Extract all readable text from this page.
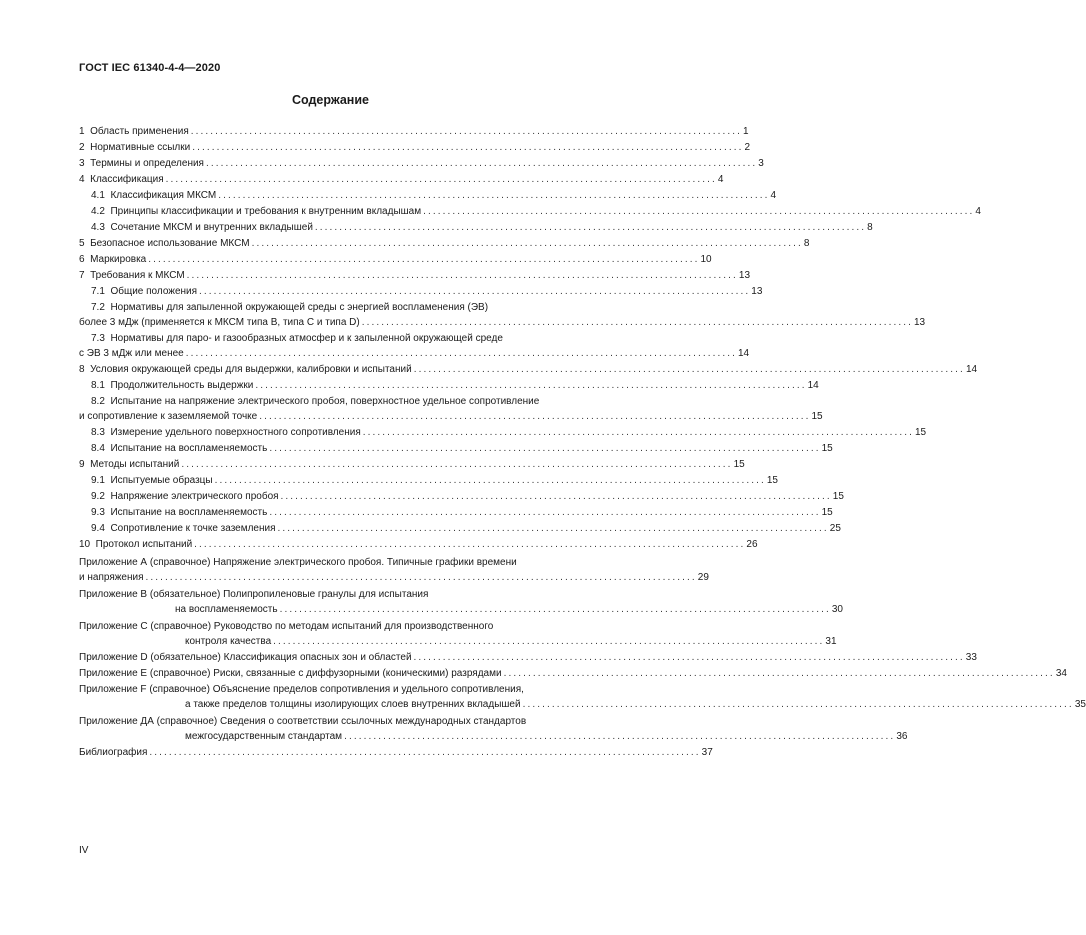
ГОСТ IEC 61340-4-4—2020
Содержание
1  Область применения ................................................................................................................. 1
2  Нормативные ссылки ................................................................................................................. 2
3  Термины и определения ................................................................................................................. 3
4  Классификация ................................................................................................................. 4
4.1  Классификация МКСМ ................................................................................................................. 4
4.2  Принципы классификации и требования к внутренним вкладышам ................................................................................................................. 4
4.3  Сочетание МКСМ и внутренних вкладышей ................................................................................................................. 8
5  Безопасное использование МКСМ ................................................................................................................. 8
6  Маркировка ................................................................................................................. 10
7  Требования к МКСМ ................................................................................................................. 13
7.1  Общие положения ................................................................................................................. 13
7.2  Нормативы для запыленной окружающей среды с энергией воспламенения (ЭВ)
более 3 мДж (применяется к МКСМ типа В, типа С и типа D) ................................................................................................................. 13
7.3  Нормативы для паро- и газообразных атмосфер и к запыленной окружающей среде
с ЭВ 3 мДж или менее ................................................................................................................. 14
8  Условия окружающей среды для выдержки, калибровки и испытаний ................................................................................................................. 14
8.1  Продолжительность выдержки ................................................................................................................. 14
8.2  Испытание на напряжение электрического пробоя, поверхностное удельное сопротивление
и сопротивление к заземляемой точке ................................................................................................................. 15
8.3  Измерение удельного поверхностного сопротивления ................................................................................................................. 15
8.4  Испытание на воспламеняемость ................................................................................................................. 15
9  Методы испытаний ................................................................................................................. 15
9.1  Испытуемые образцы ................................................................................................................. 15
9.2  Напряжение электрического пробоя ................................................................................................................. 15
9.3  Испытание на воспламеняемость ................................................................................................................. 15
9.4  Сопротивление к точке заземления ................................................................................................................. 25
10  Протокол испытаний ................................................................................................................. 26
Приложение А (справочное) Напряжение электрического пробоя. Типичные графики времени
и напряжения ................................................................................................................. 29
Приложение В (обязательное) Полипропиленовые гранулы для испытания
на воспламеняемость ................................................................................................................. 30
Приложение С (справочное) Руководство по методам испытаний для производственного
контроля качества ................................................................................................................. 31
Приложение D (обязательное) Классификация опасных зон и областей ................................................................................................................. 33
Приложение Е (справочное) Риски, связанные с диффузорными (коническими) разрядами ................................................................................................................. 34
Приложение F (справочное) Объяснение пределов сопротивления и удельного сопротивления,
а также пределов толщины изолирующих слоев внутренних вкладышей ................................................................................................................. 35
Приложение ДА (справочное) Сведения о соответствии ссылочных международных стандартов
межгосударственным стандартам ................................................................................................................. 36
Библиография ................................................................................................................. 37
IV
